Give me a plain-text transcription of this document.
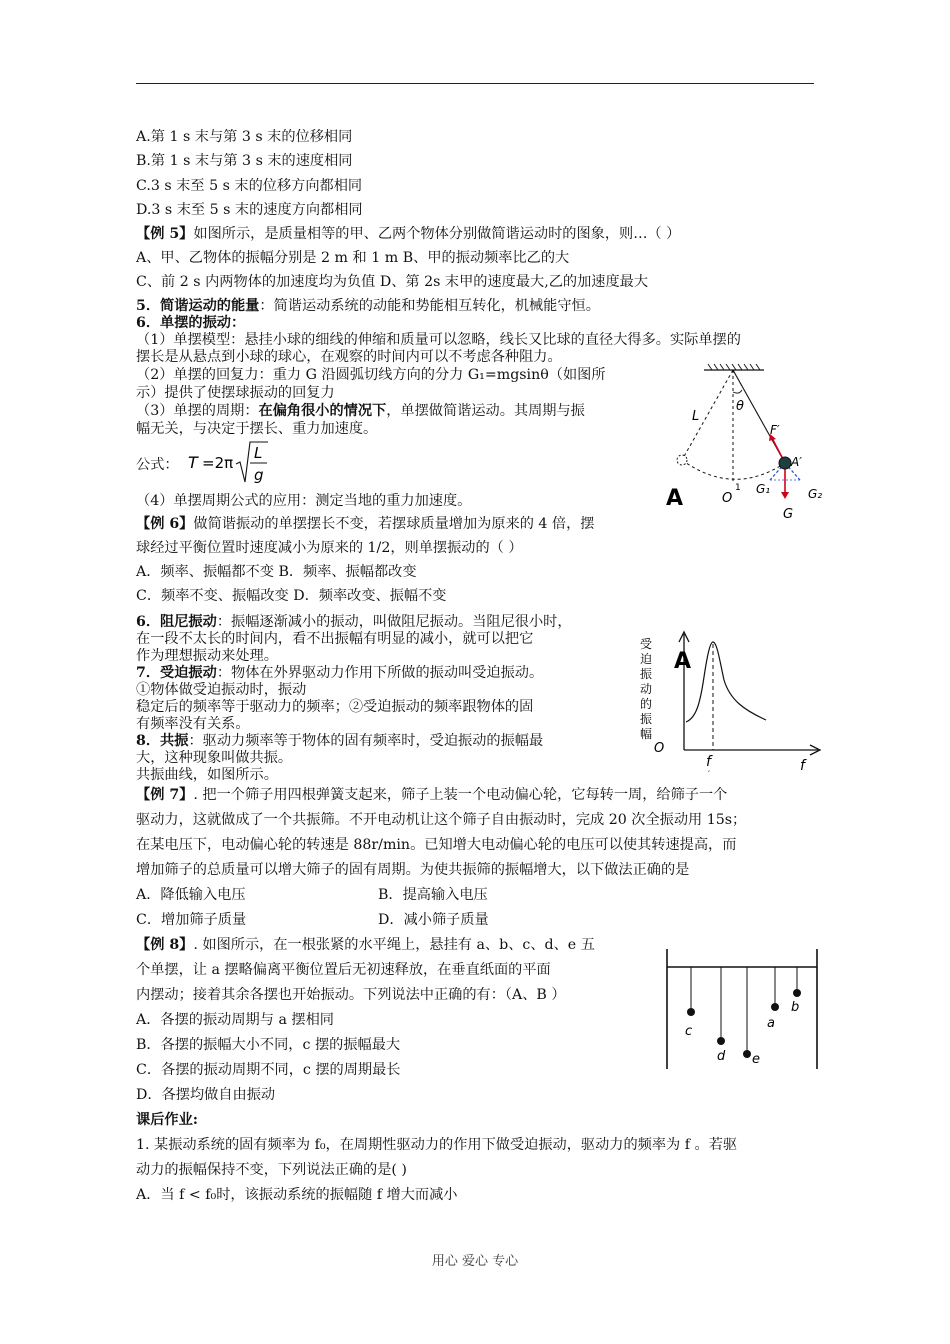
A.第 1 s 末与第 3 s 末的位移相同
B.第 1 s 末与第 3 s 末的速度相同
C.3 s 末至 5 s 末的位移方向都相同
D.3 s 末至 5 s 末的速度方向都相同
【例 5】如图所示，是质量相等的甲、乙两个物体分别做简谐运动时的图象，则…（ ）
A、甲、乙物体的振幅分别是 2 m 和 1 m B、甲的振动频率比乙的大
C、前 2 s 内两物体的加速度均为负值 D、第 2s 末甲的速度最大,乙的加速度最大
5．简谐运动的能量：简谐运动系统的动能和势能相互转化，机械能守恒。
6．单摆的振动：
（1）单摆模型：悬挂小球的细线的伸缩和质量可以忽略，线长又比球的直径大得多。实际单摆的
摆长是从悬点到小球的球心，在观察的时间内可以不考虑各种阻力。
（2）单摆的回复力：重力 G 沿圆弧切线方向的分力 G₁=mgsinθ（如图所
示）提供了使摆球振动的回复力
（3）单摆的周期：在偏角很小的情况下，单摆做简谐运动。其周期与振
幅无关，与决定于摆长、重力加速度。
公式： T =2π
L
g
（4）单摆周期公式的应用：测定当地的重力加速度。
【例 6】做简谐振动的单摆摆长不变，若摆球质量增加为原来的 4 倍，摆
球经过平衡位置时速度减小为原来的 1/2，则单摆振动的（ ）
A．频率、振幅都不变 B．频率、振幅都改变
C．频率不变、振幅改变 D．频率改变、振幅不变
6．阻尼振动：振幅逐渐减小的振动，叫做阻尼振动。当阻尼很小时，
在一段不太长的时间内，看不出振幅有明显的减小，就可以把它
作为理想振动来处理。
7．受迫振动：物体在外界驱动力作用下所做的振动叫受迫振动。
①物体做受迫振动时，振动
稳定后的频率等于驱动力的频率；②受迫振动的频率跟物体的固
有频率没有关系。
8．共振：驱动力频率等于物体的固有频率时，受迫振动的振幅最
大，这种现象叫做共振。
共振曲线，如图所示。
【例 7】. 把一个筛子用四根弹簧支起来，筛子上装一个电动偏心轮，它每转一周，给筛子一个
驱动力，这就做成了一个共振筛。不开电动机让这个筛子自由振动时，完成 20 次全振动用 15s；
在某电压下，电动偏心轮的转速是 88r/min。已知增大电动偏心轮的电压可以使其转速提高，而
增加筛子的总质量可以增大筛子的固有周期。为使共振筛的振幅增大，以下做法正确的是
A．降低输入电压	B．提高输入电压
C．增加筛子质量	D．减小筛子质量
【例 8】. 如图所示，在一根张紧的水平绳上，悬挂有 a、b、c、d、e 五
个单摆，让 a 摆略偏离平衡位置后无初速释放，在垂直纸面的平面
内摆动；接着其余各摆也开始振动。下列说法中正确的有：（A、B ）
A．各摆的振动周期与 a 摆相同
B．各摆的振幅大小不同，c 摆的振幅最大
C．各摆的振动周期不同，c 摆的周期最长
D．各摆均做自由振动
课后作业:
1. 某振动系统的固有频率为 f₀，在周期性驱动力的作用下做受迫振动，驱动力的频率为 f 。若驱
动力的振幅保持不变，下列说法正确的是( )
A．当 f < f₀时，该振动系统的振幅随 f 增大而减小
A
L
θ
F′
A′
O
1 G₁	G₂
G
受
迫
振
动
的
振
幅
A
O
f
′
f
c
d e
a
b
用心 爱心 专心
